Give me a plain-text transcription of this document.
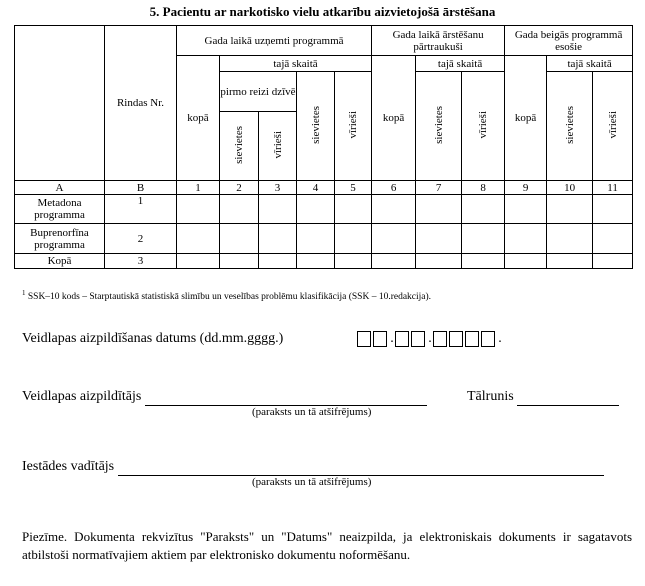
5. Pacientu ar narkotisko vielu atkarību aizvietojošā ārstēšana
	Rindas Nr.	Gada laikā uzņemti programmā					Gada laikā ārstēšanu pārtraukuši			Gada beigās programmā esošie		
		kopā	tajā skaitā				kopā	tajā skaitā		kopā	tajā skaitā	
			pirmo reizi dzīvē		sievietes	vīrieši		sievietes	vīrieši		sievietes	vīrieši
			sievietes	vīrieši								
A	B	1	2	3	4	5	6	7	8	9	10	11
Metadona programma	1											
Buprenorfīna programma	2											
Kopā	3											
$^1$ SSK–10 kods – Starptautiskā statistiskā slimību un veselības problēmu klasifikācija (SSK – 10.redakcija).
Veidlapas aizpildīšanas datums (dd.mm.gggg.)	. .	.
Veidlapas aizpildītājs	Tālrunis
(paraksts un tā atšifrējums)
Iestādes vadītājs
(paraksts un tā atšifrējums)
Piezīme. Dokumenta rekvizītus "Paraksts" un "Datums" neaizpilda, ja elektroniskais dokuments ir sagatavots atbilstoši normatīvajiem aktiem par elektronisko dokumentu noformēšanu.
